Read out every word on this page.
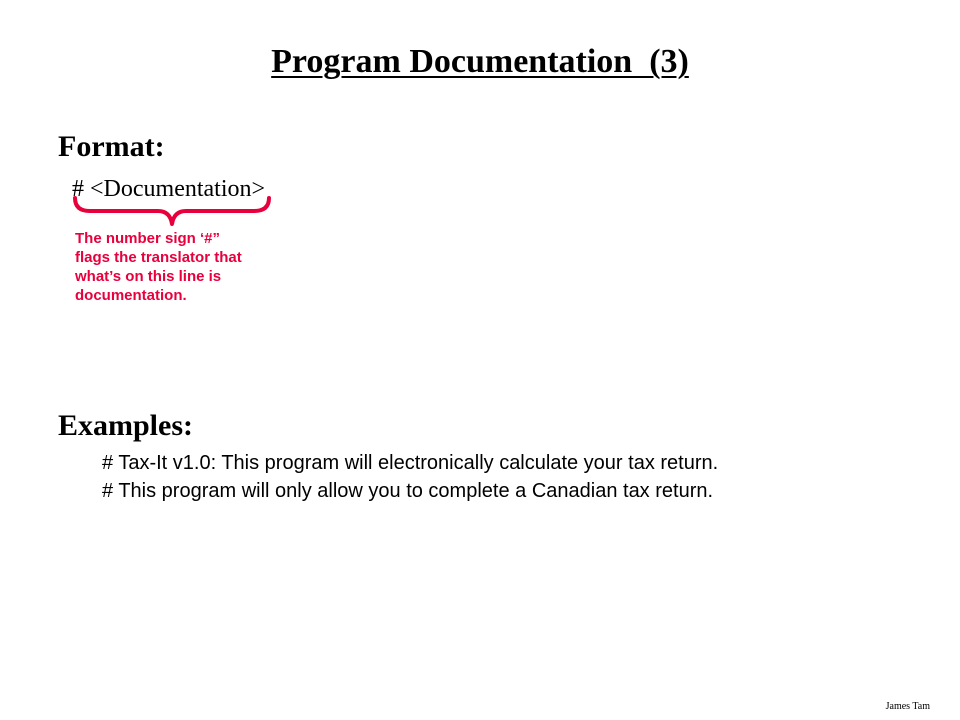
Program Documentation  (3)
Format:
# <Documentation>
The number sign ‘#”
flags the translator that
what’s on this line is
documentation.
Examples:
# Tax-It v1.0: This program will electronically calculate your tax return.
# This program will only allow you to complete a Canadian tax return.
James Tam
